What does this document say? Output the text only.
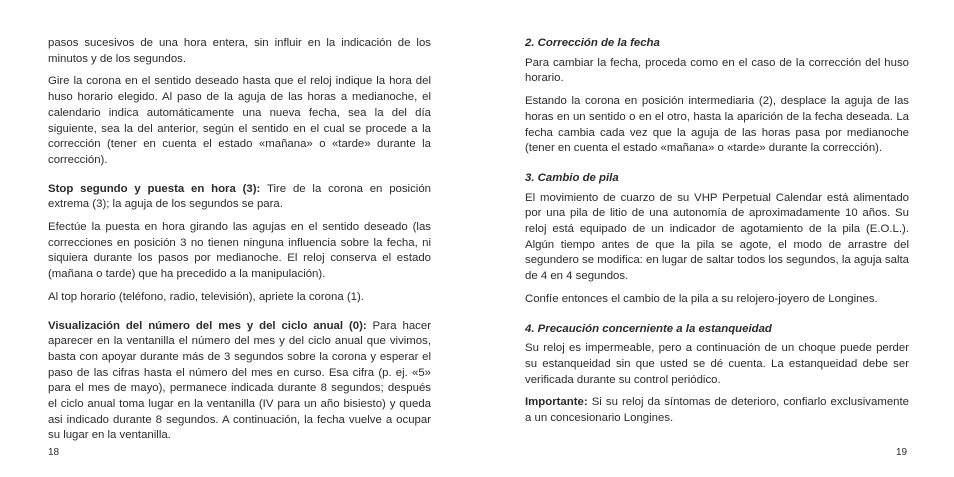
pasos sucesivos de una hora entera, sin influir en la indicación de los minutos y de los segundos.

Gire la corona en el sentido deseado hasta que el reloj indique la hora del huso horario elegido. Al paso de la aguja de las horas a medianoche, el calendario indica automáticamente una nueva fecha, sea la del día siguiente, sea la del anterior, según el sentido en el cual se procede a la corrección (tener en cuenta el estado «mañana» o «tarde» durante la corrección).

Stop segundo y puesta en hora (3): Tire de la corona en posición extrema (3); la aguja de los segundos se para.

Efectúe la puesta en hora girando las agujas en el sentido deseado (las correcciones en posición 3 no tienen ninguna influencia sobre la fecha, ni siquiera durante los pasos por medianoche. El reloj conserva el estado (mañana o tarde) que ha precedido a la manipulación).

Al top horario (teléfono, radio, televisión), apriete la corona (1).

Visualización del número del mes y del ciclo anual (0): Para hacer aparecer en la ventanilla el número del mes y del ciclo anual que vivimos, basta con apoyar durante más de 3 segundos sobre la corona y esperar el paso de las cifras hasta el número del mes en curso. Esa cifra (p. ej. «5» para el mes de mayo), permanece indicada durante 8 segundos; después el ciclo anual toma lugar en la ventanilla (IV para un año bisiesto) y queda asi indicado durante 8 segundos. A continuación, la fecha vuelve a ocupar su lugar en la ventanilla.

18
2. Corrección de la fecha

Para cambiar la fecha, proceda como en el caso de la corrección del huso horario.

Estando la corona en posición intermediaria (2), desplace la aguja de las horas en un sentido o en el otro, hasta la aparición de la fecha deseada. La fecha cambia cada vez que la aguja de las horas pasa por medianoche (tener en cuenta el estado «mañana» o «tarde» durante la corrección).

3. Cambio de pila

El movimiento de cuarzo de su VHP Perpetual Calendar está alimentado por una pila de litio de una autonomía de aproximadamente 10 años. Su reloj está equipado de un indicador de agotamiento de la pila (E.O.L.). Algún tiempo antes de que la pila se agote, el modo de arrastre del segundero se modifica: en lugar de saltar todos los segundos, la aguja salta de 4 en 4 segundos.

Confíe entonces el cambio de la pila a su relojero-joyero de Longines.

4. Precaución concerniente a la estanqueidad

Su reloj es impermeable, pero a continuación de un choque puede perder su estanqueidad sin que usted se dé cuenta. La estanqueidad debe ser verificada durante su control periódico.

Importante: Si su reloj da síntomas de deterioro, confiarlo exclusivamente a un concesionario Longines.

19
